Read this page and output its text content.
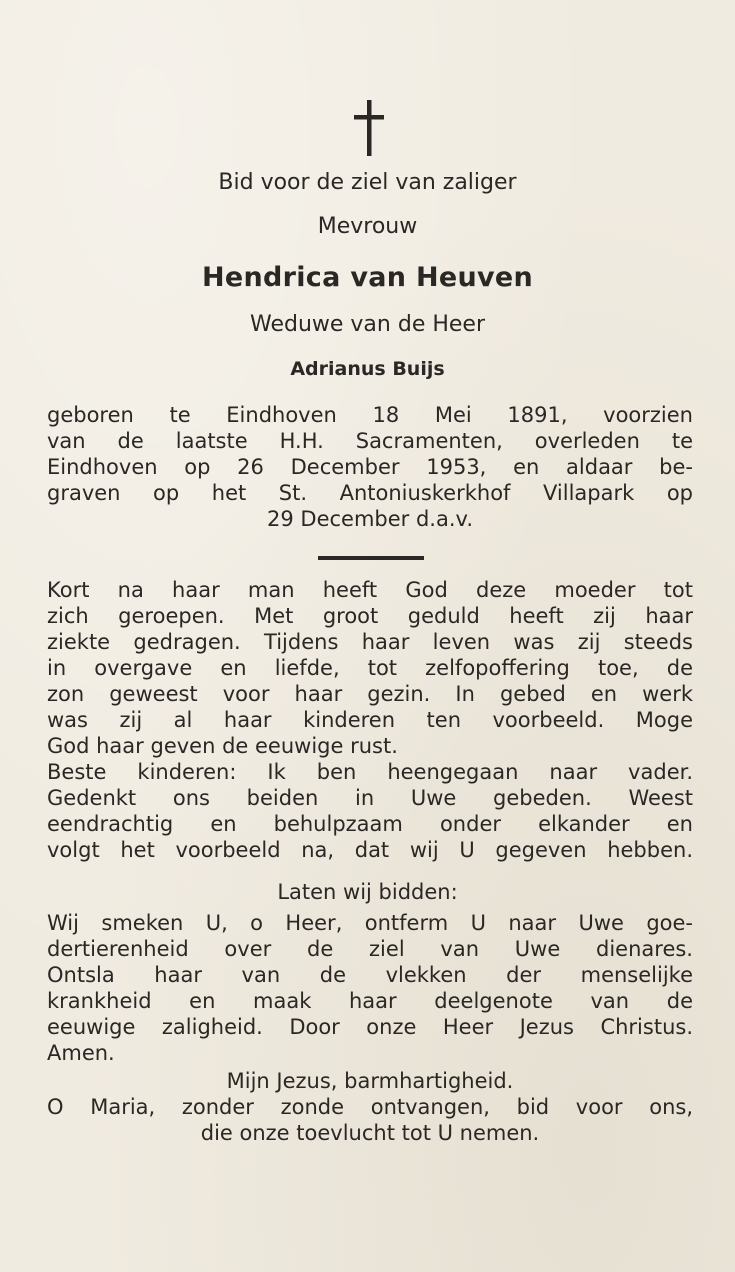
Bid voor de ziel van zaliger
Mevrouw
Hendrica van Heuven
Weduwe van de Heer
Adrianus Buijs
geboren te Eindhoven 18 Mei 1891, voorzien
van de laatste H.H. Sacramenten, overleden te
Eindhoven op 26 December 1953, en aldaar be-
graven op het St. Antoniuskerkhof Villapark op
29 December d.a.v.
Kort na haar man heeft God deze moeder tot
zich geroepen. Met groot geduld heeft zij haar
ziekte gedragen. Tijdens haar leven was zij steeds
in overgave en liefde, tot zelfopoffering toe, de
zon geweest voor haar gezin. In gebed en werk
was zij al haar kinderen ten voorbeeld. Moge
God haar geven de eeuwige rust.
Beste kinderen: Ik ben heengegaan naar vader.
Gedenkt ons beiden in Uwe gebeden. Weest
eendrachtig en behulpzaam onder elkander en
volgt het voorbeeld na, dat wij U gegeven hebben.
Laten wij bidden:
Wij smeken U, o Heer, ontferm U naar Uwe goe-
dertierenheid over de ziel van Uwe dienares.
Ontsla haar van de vlekken der menselijke
krankheid en maak haar deelgenote van de
eeuwige zaligheid. Door onze Heer Jezus Christus.
Amen.
Mijn Jezus, barmhartigheid.
O Maria, zonder zonde ontvangen, bid voor ons,
die onze toevlucht tot U nemen.
